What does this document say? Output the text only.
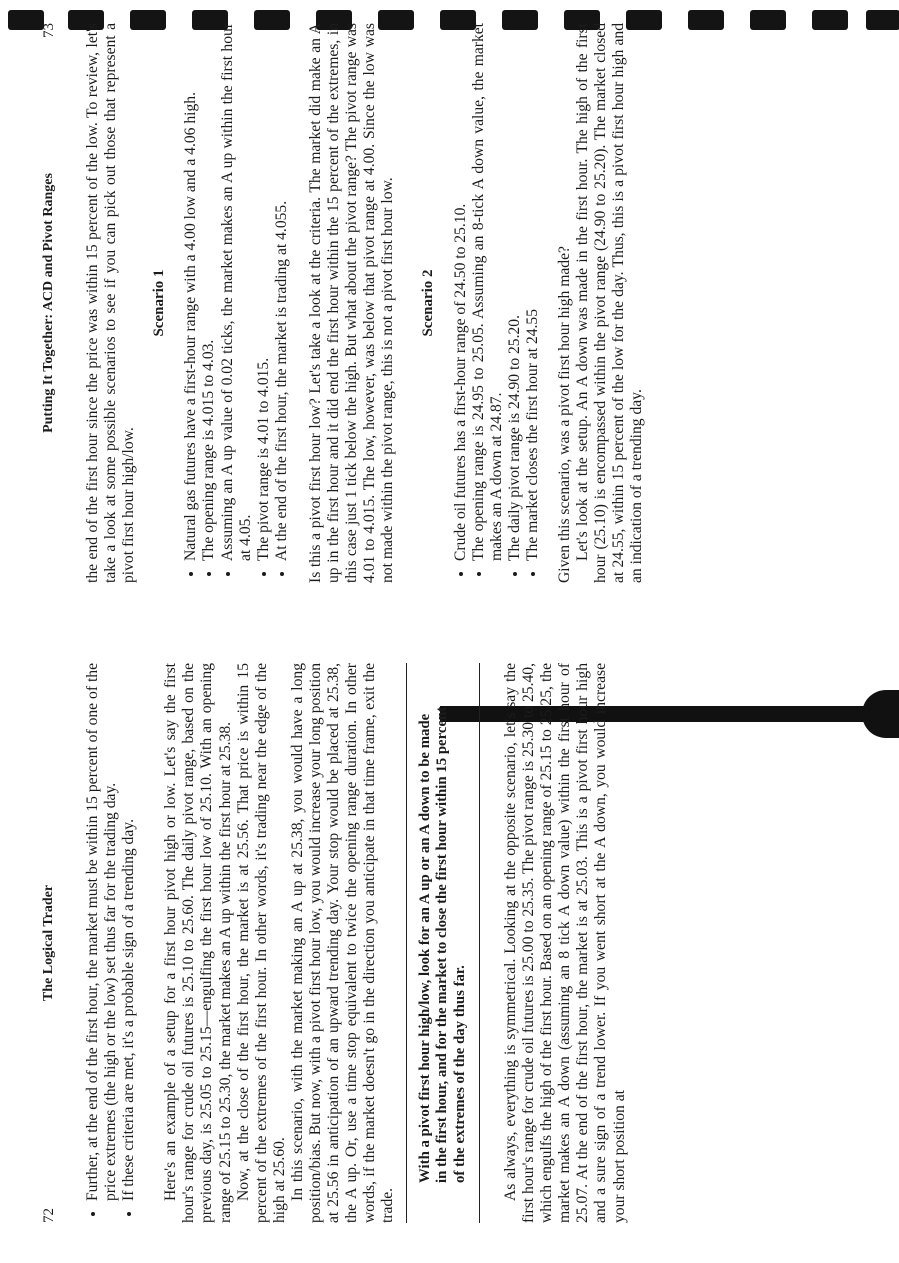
72
The Logical Trader • Further, at the end of the first hour, the market must be within 15 percent of one of the price extremes (the high or the low) set thus far for the trading day. • If these criteria are met, it's a probable sign of a trending day. Here's an example of a setup for a first hour pivot high or low. Let's say the first hour's range for crude oil futures is 25.10 to 25.60. The daily pivot range, based on the previous day, is 25.05 to 25.15—engulfing the first hour low of 25.10. With an opening range of 25.15 to 25.30, the market makes an A up within the first hour at 25.38. Now, at the close of the first hour, the market is at 25.56. That price is within 15 percent of the extremes of the first hour. In other words, it's trading near the edge of the high at 25.60. In this scenario, with the market making an A up at 25.38, you would have a long position/bias. But now, with a pivot first hour low, you would increase your long position at 25.56 in anticipation of an upward trending day. Your stop would be placed at 25.38, the A up. Or, use a time stop equivalent to twice the opening range duration. In other words, if the market doesn't go in the direction you anticipate in that time frame, exit the trade.

With a pivot first hour high/low, look for an A up or an A down to be made in the first hour, and for the market to close the first hour within 15 percent of the extremes of the day thus far.	As always, everything is symmetrical. Looking at the opposite scenario, let's say the first hour's range for crude oil futures is 25.00 to 25.35. The pivot range is 25.30 to 25.40, which engulfs the high of the first hour. Based on an opening range of 25.15 to 25.25, the market makes an A down (assuming an 8 tick A down value) within the first hour of 25.07. At the end of the first hour, the market is at 25.03. This is a pivot first hour high and a sure sign of a trend lower. If you went short at the A down, you would increase your short position at

Putting It Together: ACD and Pivot Ranges
73 the end of the first hour since the price was within 15 percent of the low. To review, let's take a look at some possible scenarios to see if you can pick out those that represent a pivot first hour high/low.

Scenario 1 • Natural gas futures have a first-hour range with a 4.00 low and a 4.06 high. • The opening range is 4.015 to 4.03. • Assuming an A up value of 0.02 ticks, the market makes an A up within the first hour at 4.05. • The pivot range is 4.01 to 4.015. • At the end of the first hour, the market is trading at 4.055. Is this a pivot first hour low? Let's take a look at the criteria. The market did make an A up in the first hour and it did end the first hour within the 15 percent of the extremes, in this case just 1 tick below the high. But what about the pivot range? The pivot range was 4.01 to 4.015. The low, however, was below that pivot range at 4.00. Since the low was not made within the pivot range, this is not a pivot first hour low. Scenario 2 • Crude oil futures has a first-hour range of 24.50 to 25.10. • The opening range is 24.95 to 25.05. Assuming an 8-tick A down value, the market makes an A down at 24.87. • The daily pivot range is 24.90 to 25.20. • The market closes the first hour at 24.55 Given this scenario, was a pivot first hour high made? Let's look at the setup. An A down was made in the first hour. The high of the first hour (25.10) is encompassed within the pivot range (24.90 to 25.20). The market closed at 24.55, within 15 percent of the low for the day. Thus, this is a pivot first hour high and an indication of a trending day.
